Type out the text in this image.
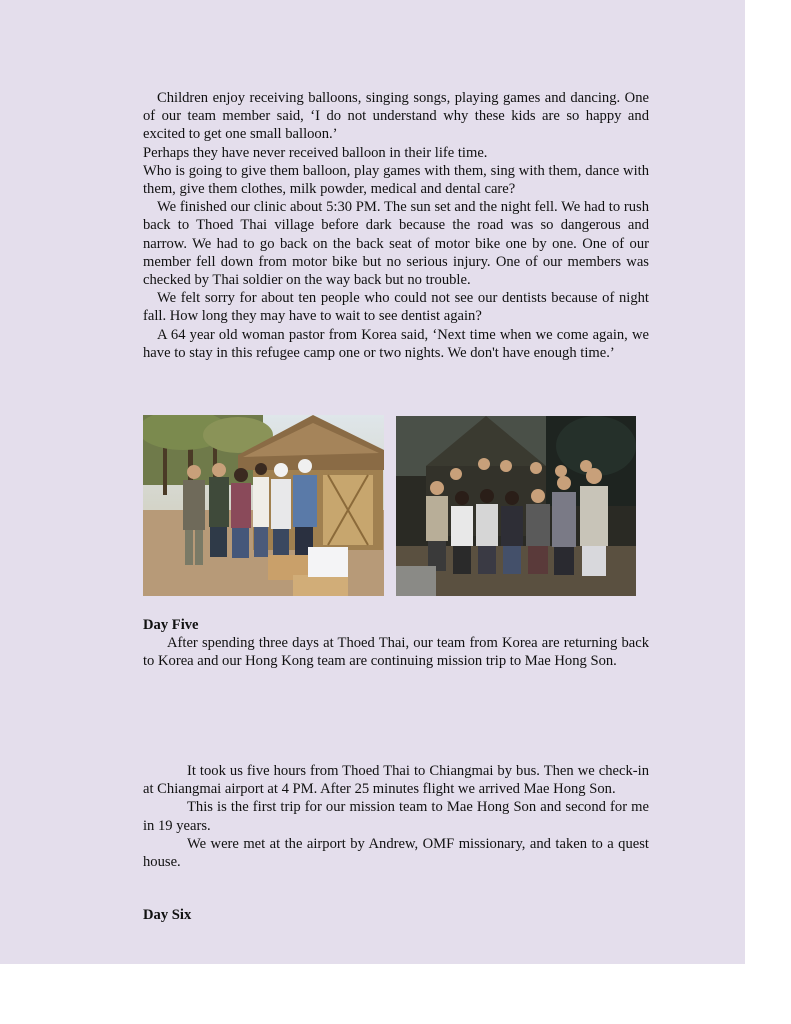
Children enjoy receiving balloons, singing songs, playing games and dancing. One of our team member said, ‘I do not understand why these kids are so happy and excited to get one small balloon.’

Perhaps they have never received balloon in their life time.

Who is going to give them balloon, play games with them, sing with them, dance with them, give them clothes, milk powder, medical and dental care?

We finished our clinic about 5:30 PM. The sun set and the night fell. We had to rush back to Thoed Thai village before dark because the road was so dangerous and narrow. We had to go back on the back seat of motor bike one by one. One of our member fell down from motor bike but no serious injury. One of our members was checked by Thai soldier on the way back but no trouble.

We felt sorry for about ten people who could not see our dentists because of night fall. How long they may have to wait to see dentist again?

A 64 year old woman pastor from Korea said, ‘Next time when we come again, we have to stay in this refugee camp one or two nights. We don't have enough time.’

Day Five

After spending three days at Thoed Thai, our team from Korea are returning back to Korea and our Hong Kong team are continuing mission trip to Mae Hong Son.

It took us five hours from Thoed Thai to Chiangmai by bus. Then we check-in at Chiangmai airport at 4 PM. After 25 minutes flight we arrived Mae Hong Son.

This is the first trip for our mission team to Mae Hong Son and second for me in 19 years.

We were met at the airport by Andrew, OMF missionary, and taken to a quest house.

Day Six
